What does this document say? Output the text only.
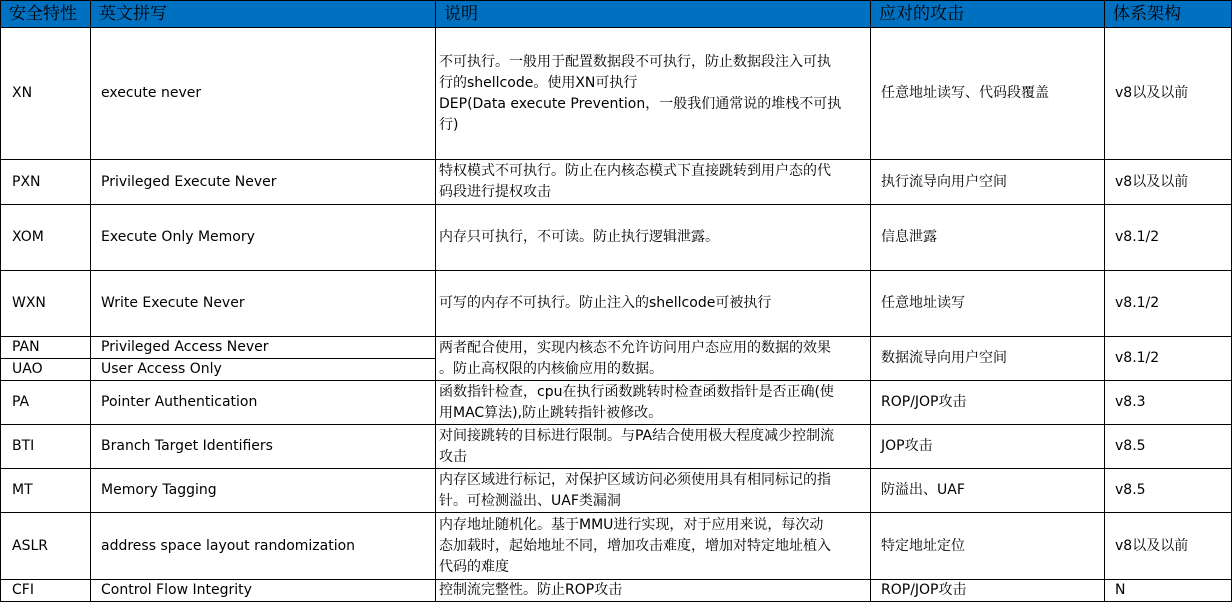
安全特性	英文拼写	说明	应对的攻击	体系架构
XN	execute never	不可执行。一般用于配置数据段不可执行，防止数据段注入可执
行的shellcode。使用XN可执行
DEP(Data execute Prevention，一般我们通常说的堆栈不可执
行)	任意地址读写、代码段覆盖	v8以及以前
PXN	Privileged Execute Never	特权模式不可执行。防止在内核态模式下直接跳转到用户态的代
码段进行提权攻击	执行流导向用户空间	v8以及以前
XOM	Execute Only Memory	内存只可执行，不可读。防止执行逻辑泄露。	信息泄露	v8.1/2
WXN	Write Execute Never	可写的内存不可执行。防止注入的shellcode可被执行	任意地址读写	v8.1/2
PAN	Privileged Access Never	两者配合使用，实现内核态不允许访问用户态应用的数据的效果
。防止高权限的内核偷应用的数据。	数据流导向用户空间	v8.1/2
UAO	User Access Only			
PA	Pointer Authentication	函数指针检查，cpu在执行函数跳转时检查函数指针是否正确(使
用MAC算法),防止跳转指针被修改。	ROP/JOP攻击	v8.3
BTI	Branch Target Identifiers	对间接跳转的目标进行限制。与PA结合使用极大程度减少控制流
攻击	JOP攻击	v8.5
MT	Memory Tagging	内存区域进行标记，对保护区域访问必须使用具有相同标记的指
针。可检测溢出、UAF类漏洞	防溢出、UAF	v8.5
ASLR	address space layout randomization	内存地址随机化。基于MMU进行实现，对于应用来说，每次动
态加载时，起始地址不同，增加攻击难度，增加对特定地址植入
代码的难度	特定地址定位	v8以及以前
CFI	Control Flow Integrity	控制流完整性。防止ROP攻击	ROP/JOP攻击	N
